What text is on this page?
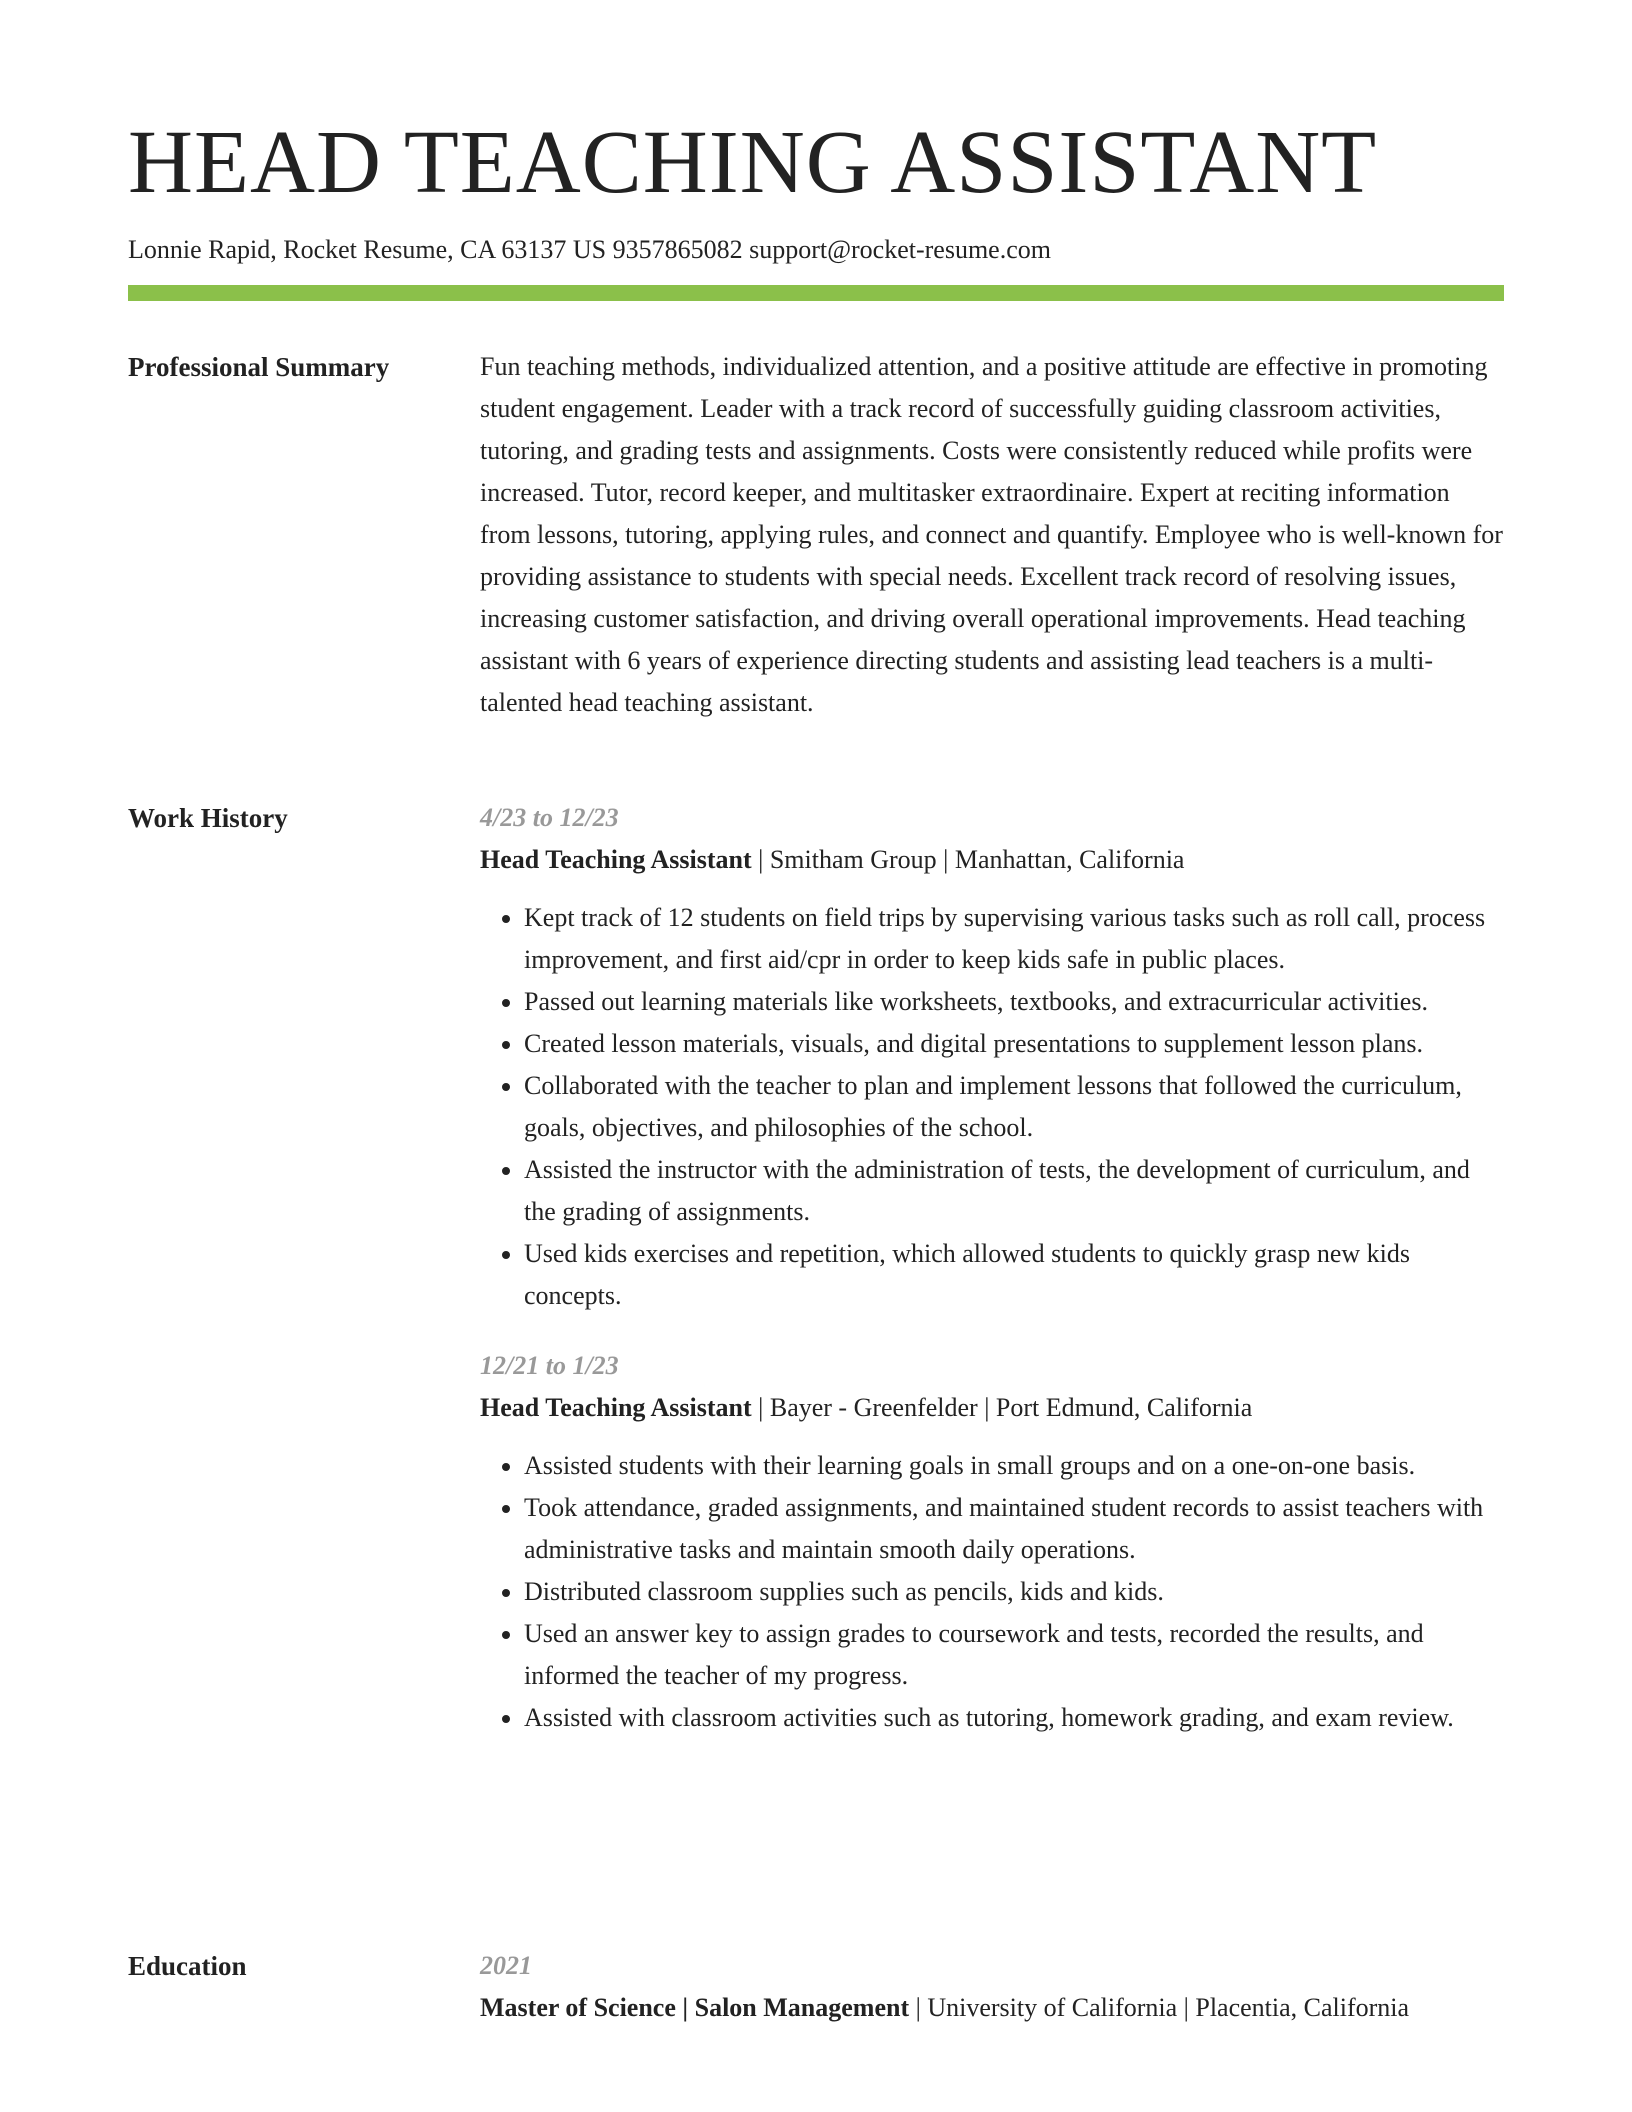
HEAD TEACHING ASSISTANT
Lonnie Rapid, Rocket Resume, CA 63137 US 9357865082 support@rocket-resume.com
Professional Summary	Fun teaching methods, individualized attention, and a positive attitude are effective in promoting student engagement. Leader with a track record of successfully guiding classroom activities, tutoring, and grading tests and assignments. Costs were consistently reduced while profits were increased. Tutor, record keeper, and multitasker extraordinaire. Expert at reciting information from lessons, tutoring, applying rules, and connect and quantify. Employee who is well-known for providing assistance to students with special needs. Excellent track record of resolving issues, increasing customer satisfaction, and driving overall operational improvements. Head teaching assistant with 6 years of experience directing students and assisting lead teachers is a multi-talented head teaching assistant.

Work History	4/23 to 12/23
Head Teaching Assistant | Smitham Group | Manhattan, California
• Kept track of 12 students on field trips by supervising various tasks such as roll call, process improvement, and first aid/cpr in order to keep kids safe in public places.
• Passed out learning materials like worksheets, textbooks, and extracurricular activities.
• Created lesson materials, visuals, and digital presentations to supplement lesson plans.
• Collaborated with the teacher to plan and implement lessons that followed the curriculum, goals, objectives, and philosophies of the school.
• Assisted the instructor with the administration of tests, the development of curriculum, and the grading of assignments.
• Used kids exercises and repetition, which allowed students to quickly grasp new kids concepts.
12/21 to 1/23
Head Teaching Assistant | Bayer - Greenfelder | Port Edmund, California
• Assisted students with their learning goals in small groups and on a one-on-one basis.
• Took attendance, graded assignments, and maintained student records to assist teachers with administrative tasks and maintain smooth daily operations.
• Distributed classroom supplies such as pencils, kids and kids.
• Used an answer key to assign grades to coursework and tests, recorded the results, and informed the teacher of my progress.
• Assisted with classroom activities such as tutoring, homework grading, and exam review.
Education	2021
Master of Science | Salon Management | University of California | Placentia, California
